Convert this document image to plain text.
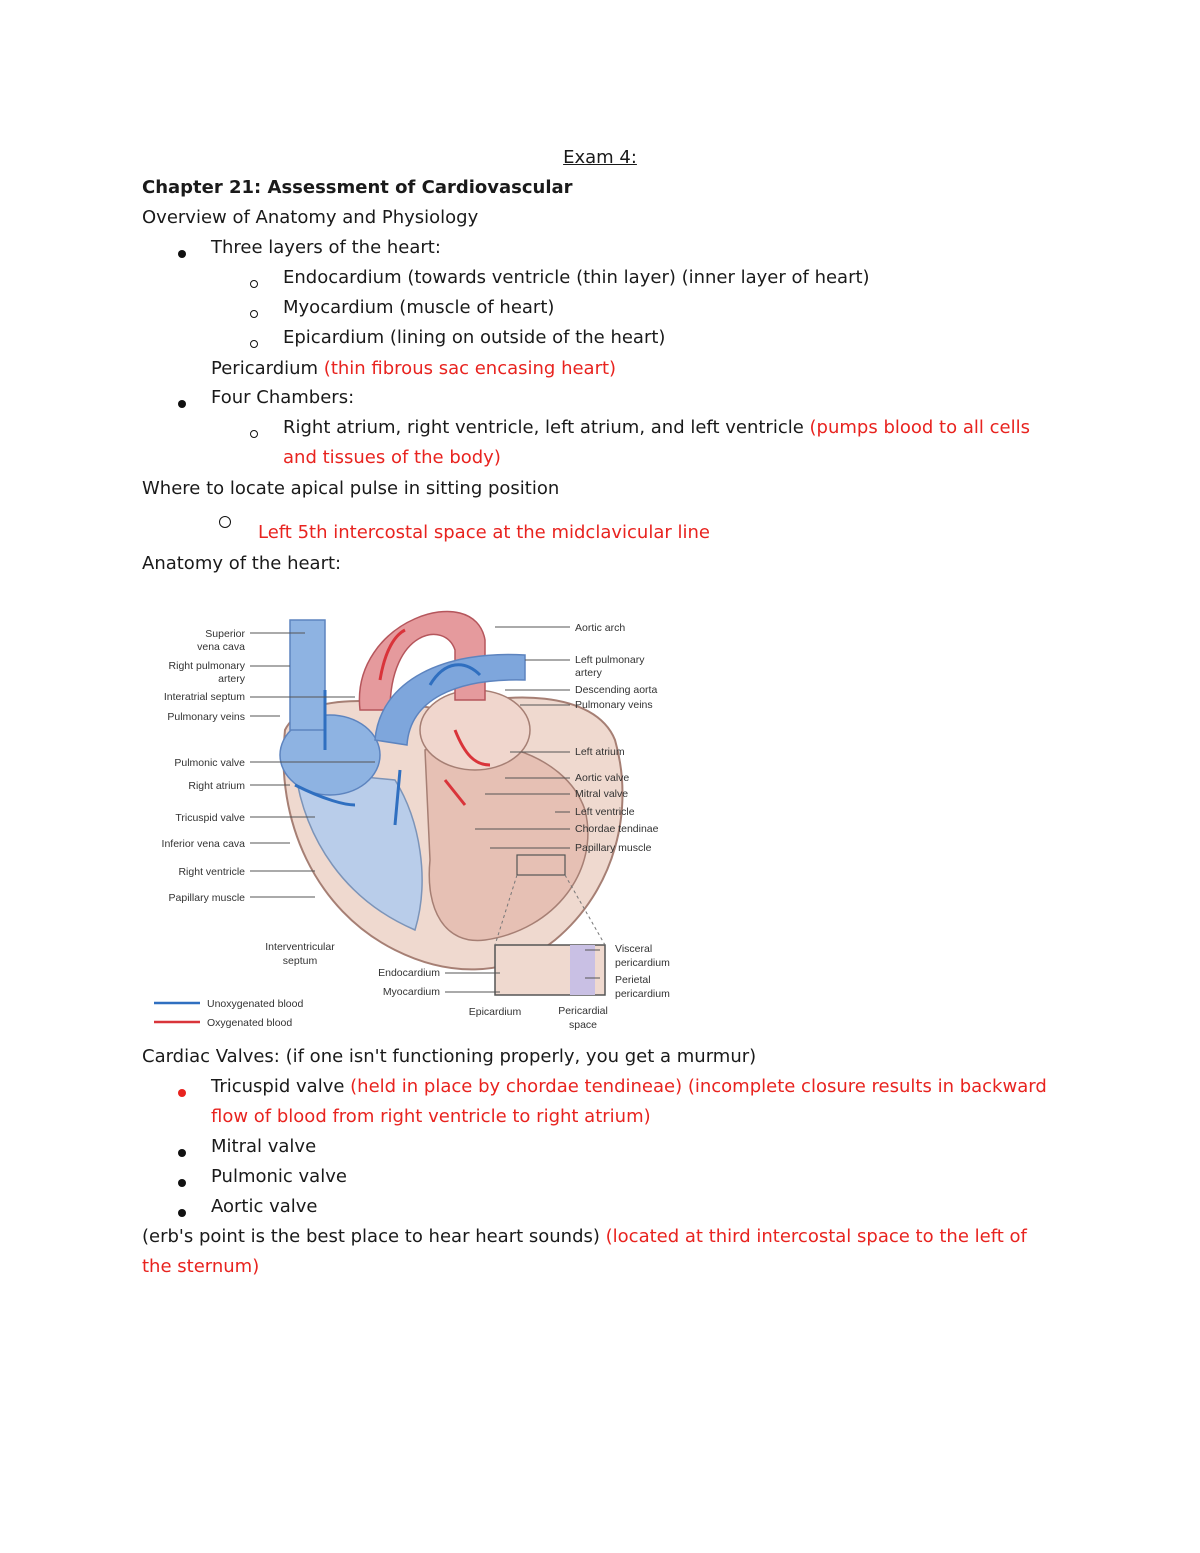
Exam 4:
Chapter 21: Assessment of Cardiovascular
Overview of Anatomy and Physiology
Three layers of the heart:
Endocardium (towards ventricle (thin layer) (inner layer of heart)
Myocardium (muscle of heart)
Epicardium (lining on outside of the heart)
Pericardium (thin fibrous sac encasing heart)
Four Chambers:
Right atrium, right ventricle, left atrium, and left ventricle (pumps blood to all cells
and tissues of the body)
Where to locate apical pulse in sitting position
Left 5th intercostal space at the midclavicular line
Anatomy of the heart:
Superior
vena cava
Right pulmonary
artery
Interatrial septum
Pulmonary veins
Pulmonic valve
Right atrium
Tricuspid valve
Inferior vena cava
Right ventricle
Papillary muscle
Aortic arch
Left pulmonary
artery
Descending aorta
Pulmonary veins
Left atrium
Aortic valve
Mitral valve
Left ventricle
Chordae tendinae
Papillary muscle
Interventricular
septum
Endocardium
Myocardium
Epicardium	Pericardial
space
Visceral
pericardium
Perietal
pericardium
Unoxygenated blood
Oxygenated blood
Cardiac Valves: (if one isn't functioning properly, you get a murmur)
Tricuspid valve (held in place by chordae tendineae) (incomplete closure results in backward
flow of blood from right ventricle to right atrium)
Mitral valve
Pulmonic valve
Aortic valve
(erb's point is the best place to hear heart sounds) (located at third intercostal space to the left of
the sternum)
